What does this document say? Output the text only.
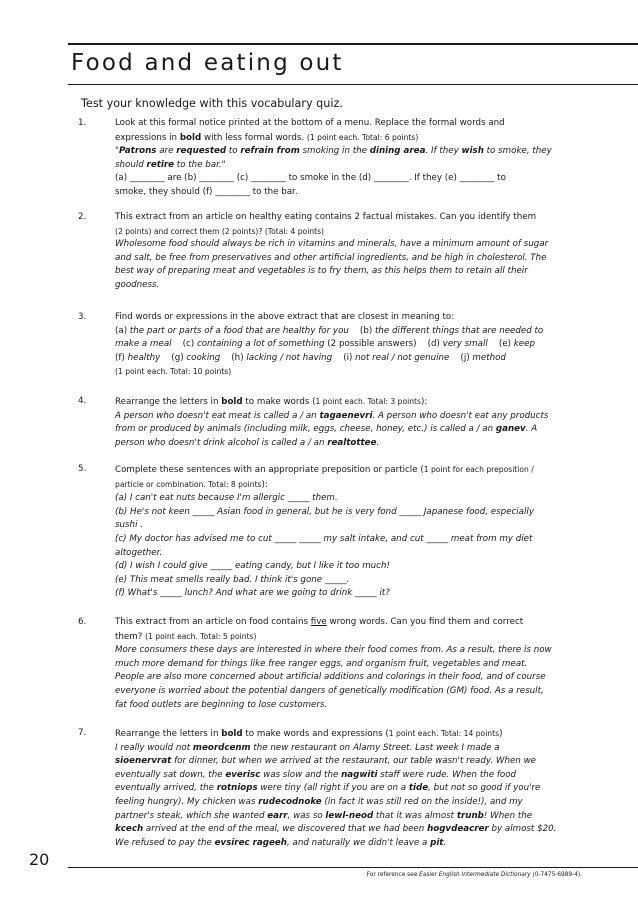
Food and eating out
Test your knowledge with this vocabulary quiz.
1.	Look at this formal notice printed at the bottom of a menu. Replace the formal words and

expressions in bold with less formal words. (1 point each. Total: 6 points)

"Patrons are requested to refrain from smoking in the dining area. If they wish to smoke, they

should retire to the bar."

(a) ________ are (b) ________ (c) ________ to smoke in the (d) ________. If they (e) ________ to

smoke, they should (f) ________ to the bar.

2.	This extract from an article on healthy eating contains 2 factual mistakes. Can you identify them

(2 points) and correct them (2 points)? (Total: 4 points)

Wholesome food should always be rich in vitamins and minerals, have a minimum amount of sugar

and salt, be free from preservatives and other artificial ingredients, and be high in cholesterol. The

best way of preparing meat and vegetables is to fry them, as this helps them to retain all their

goodness.

3.	Find words or expressions in the above extract that are closest in meaning to:

(a) the part or parts of a food that are healthy for you    (b) the different things that are needed to

make a meal    (c) containing a lot of something (2 possible answers)    (d) very small    (e) keep

(f) healthy    (g) cooking    (h) lacking / not having    (i) not real / not genuine    (j) method

(1 point each. Total: 10 points)

4.	Rearrange the letters in bold to make words (1 point each. Total: 3 points):

A person who doesn't eat meat is called a / an tagaenevri. A person who doesn't eat any products

from or produced by animals (including milk, eggs, cheese, honey, etc.) is called a / an ganev. A

person who doesn't drink alcohol is called a / an realtottee.

5.	Complete these sentences with an appropriate preposition or particle (1 point for each preposition /

particle or combination. Total: 8 points):

(a) I can't eat nuts because I'm allergic _____ them.

(b) He's not keen _____ Asian food in general, but he is very fond _____ Japanese food, especially

sushi .

(c) My doctor has advised me to cut _____ _____ my salt intake, and cut _____ meat from my diet

altogether.

(d) I wish I could give _____ eating candy, but I like it too much!

(e) This meat smells really bad. I think it's gone _____.

(f) What's _____ lunch? And what are we going to drink _____ it?

6.	This extract from an article on food contains five wrong words. Can you find them and correct

them? (1 point each. Total: 5 points)

More consumers these days are interested in where their food comes from. As a result, there is now

much more demand for things like free ranger eggs, and organism fruit, vegetables and meat.

People are also more concerned about artificial additions and colorings in their food, and of course

everyone is worried about the potential dangers of genetically modification (GM) food. As a result,

fat food outlets are beginning to lose customers.

7.	Rearrange the letters in bold to make words and expressions (1 point each. Total: 14 points)

I really would not meordcenm the new restaurant on Alamy Street. Last week I made a

sioenervrat for dinner, but when we arrived at the restaurant, our table wasn't ready. When we

eventually sat down, the everisc was slow and the nagwiti staff were rude. When the food

eventually arrived, the rotniops were tiny (all right if you are on a tide, but not so good if you're

feeling hungry). My chicken was rudecodnoke (in fact it was still red on the inside!), and my

partner's steak, which she wanted earr, was so lewl-neod that it was almost trunb! When the

kcech arrived at the end of the meal, we discovered that we had been hogvdeacrer by almost $20.

We refused to pay the evsirec rageeh, and naturally we didn't leave a pit.

20
For reference see Easier English Intermediate Dictionary (0-7475-6989-4).
